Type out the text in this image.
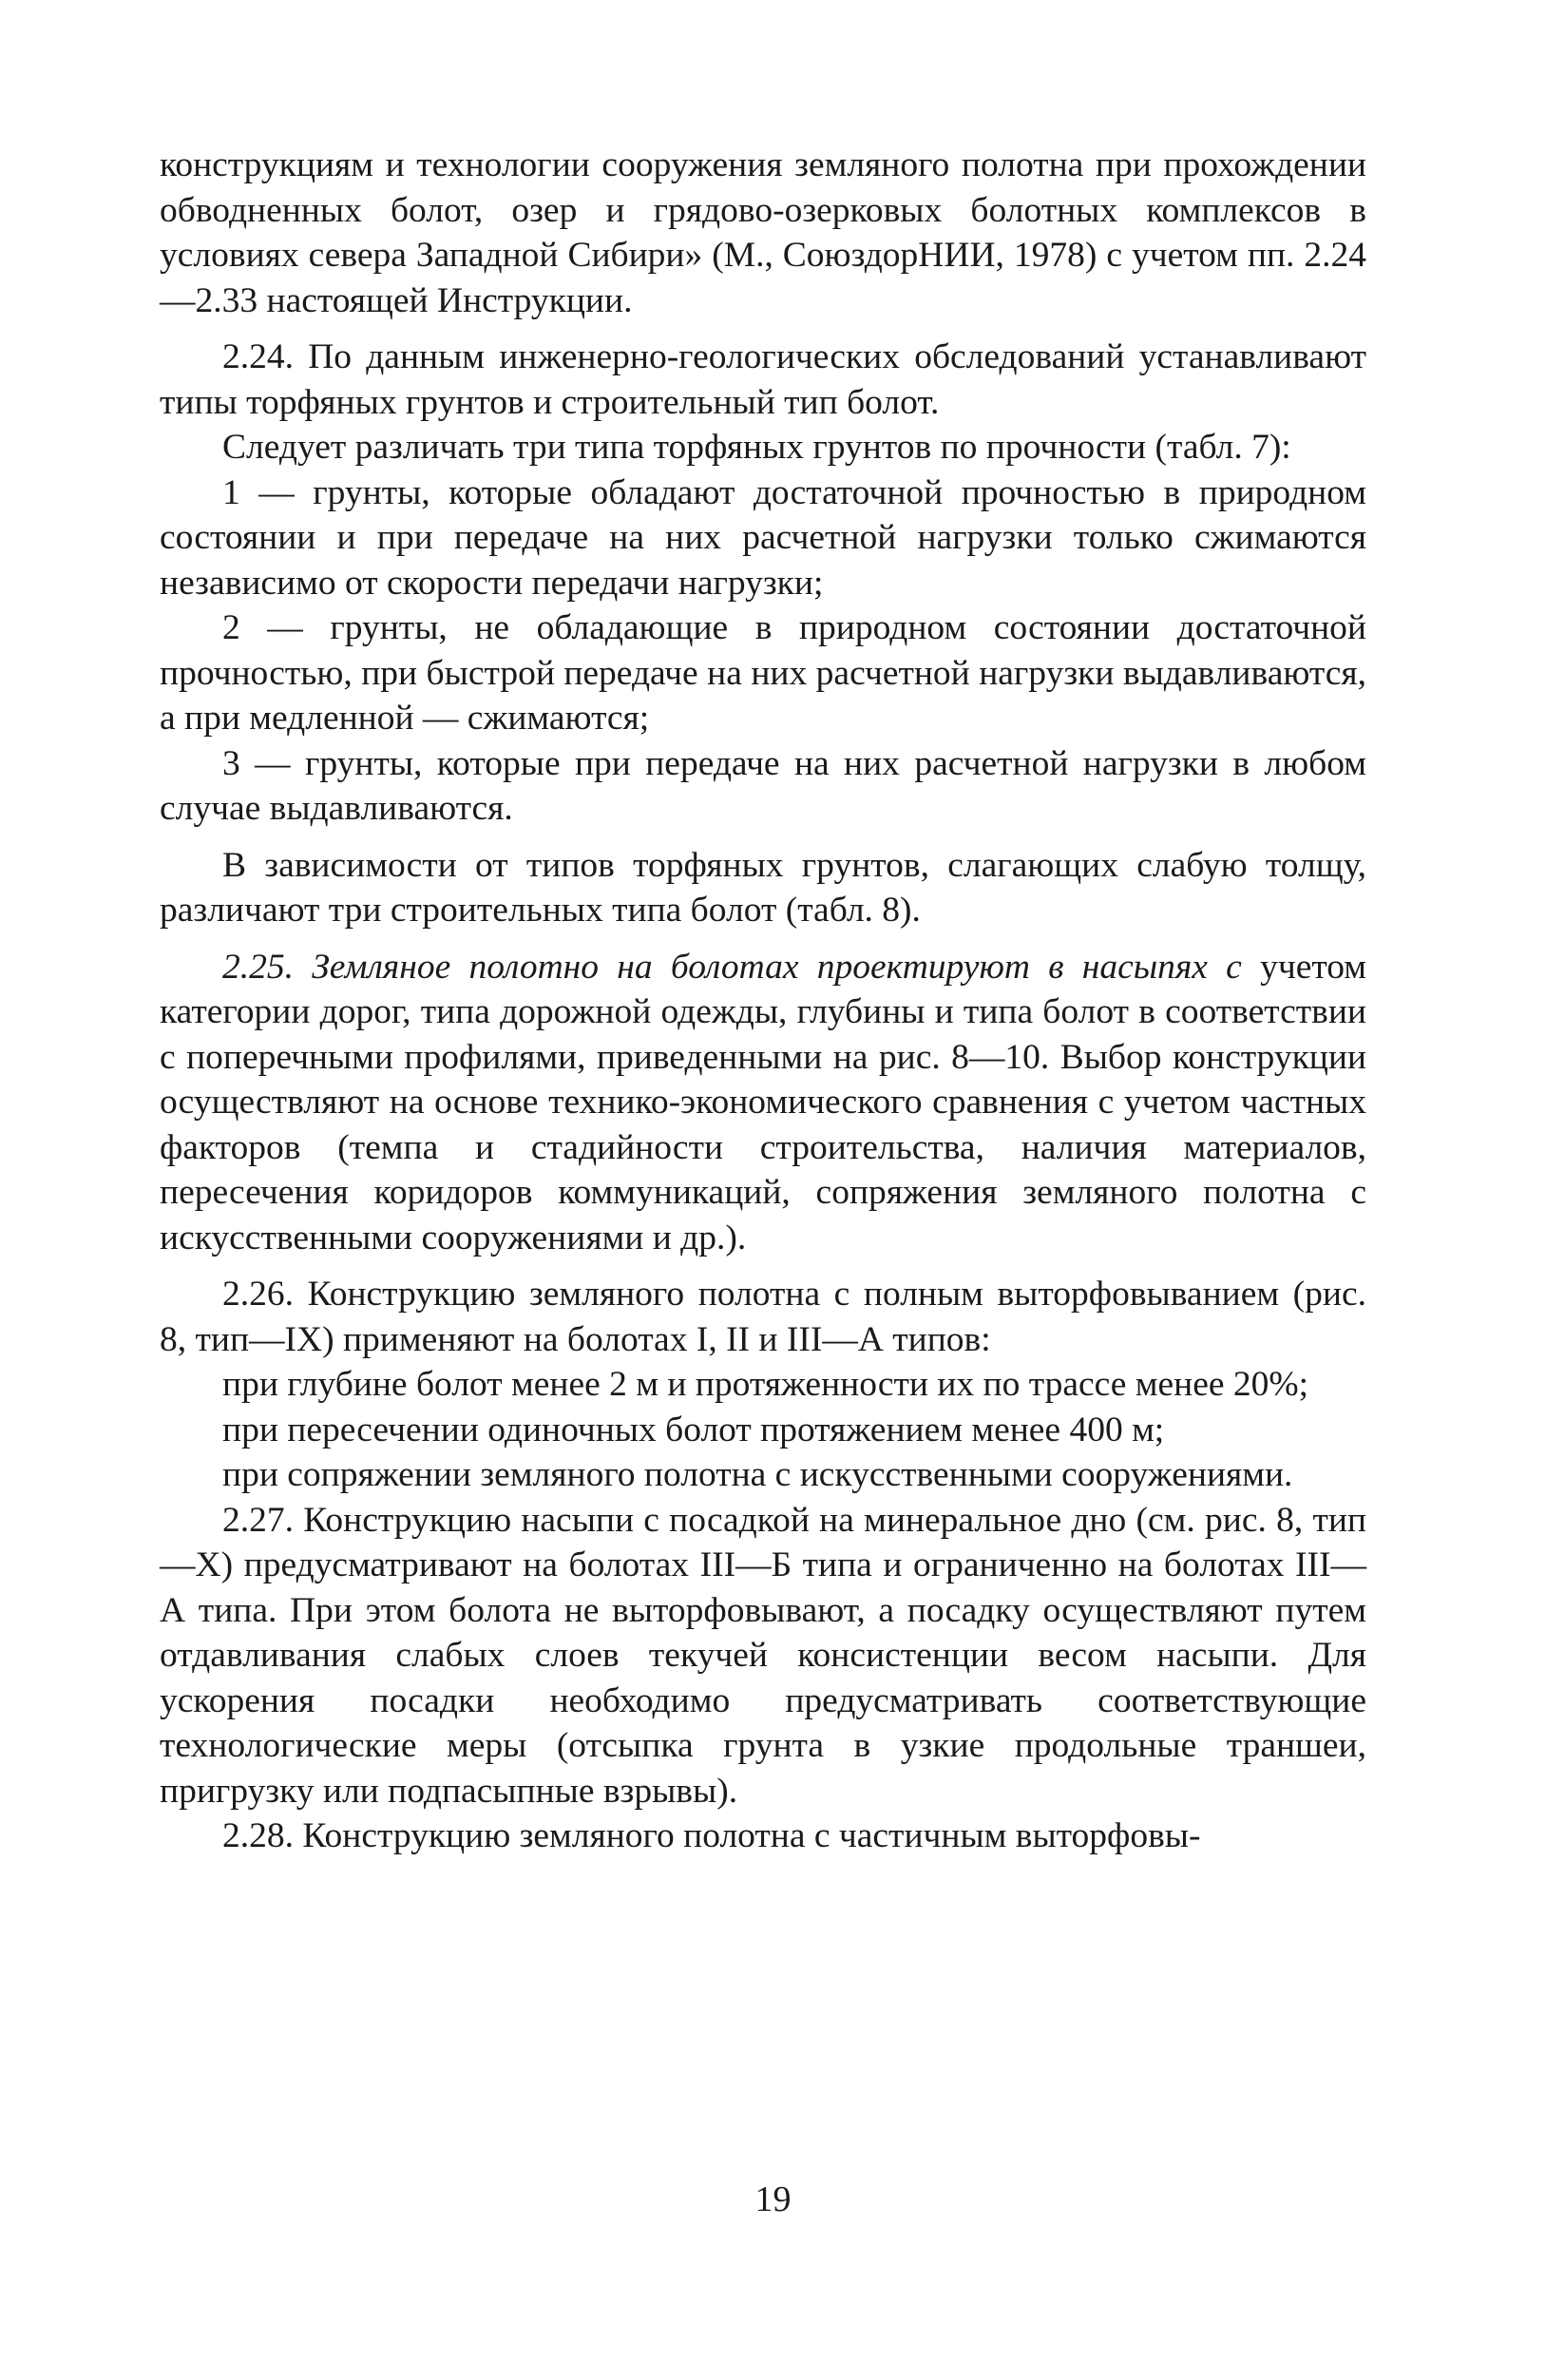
конструкциям и технологии сооружения земляного полотна при прохождении обводненных болот, озер и грядово-озерковых болотных комплексов в условиях севера Западной Сибири» (М., СоюздорНИИ, 1978) с учетом пп. 2.24—2.33 настоящей Инструкции.

2.24. По данным инженерно-геологических обследований устанавливают типы торфяных грунтов и строительный тип болот.

Следует различать три типа торфяных грунтов по прочности (табл. 7):

1 — грунты, которые обладают достаточной прочностью в природном состоянии и при передаче на них расчетной нагрузки только сжимаются независимо от скорости передачи нагрузки;

2 — грунты, не обладающие в природном состоянии достаточной прочностью, при быстрой передаче на них расчетной нагрузки выдавливаются, а при медленной — сжимаются;

3 — грунты, которые при передаче на них расчетной нагрузки в любом случае выдавливаются.

В зависимости от типов торфяных грунтов, слагающих слабую толщу, различают три строительных типа болот (табл. 8).

2.25. Земляное полотно на болотах проектируют в насыпях с учетом категории дорог, типа дорожной одежды, глубины и типа болот в соответствии с поперечными профилями, приведенными на рис. 8—10. Выбор конструкции осуществляют на основе технико-экономического сравнения с учетом частных факторов (темпа и стадийности строительства, наличия материалов, пересечения коридоров коммуникаций, сопряжения земляного полотна с искусственными сооружениями и др.).

2.26. Конструкцию земляного полотна с полным выторфовыванием (рис. 8, тип—IX) применяют на болотах I, II и III—А типов:

при глубине болот менее 2 м и протяженности их по трассе менее 20%;

при пересечении одиночных болот протяжением менее 400 м;

при сопряжении земляного полотна с искусственными сооружениями.

2.27. Конструкцию насыпи с посадкой на минеральное дно (см. рис. 8, тип—X) предусматривают на болотах III—Б типа и ограниченно на болотах III—А типа. При этом болота не выторфовывают, а посадку осуществляют путем отдавливания слабых слоев текучей консистенции весом насыпи. Для ускорения посадки необходимо предусматривать соответствующие технологические меры (отсыпка грунта в узкие продольные траншеи, пригрузку или подпасыпные взрывы).

2.28. Конструкцию земляного полотна с частичным выторфовы-

19
